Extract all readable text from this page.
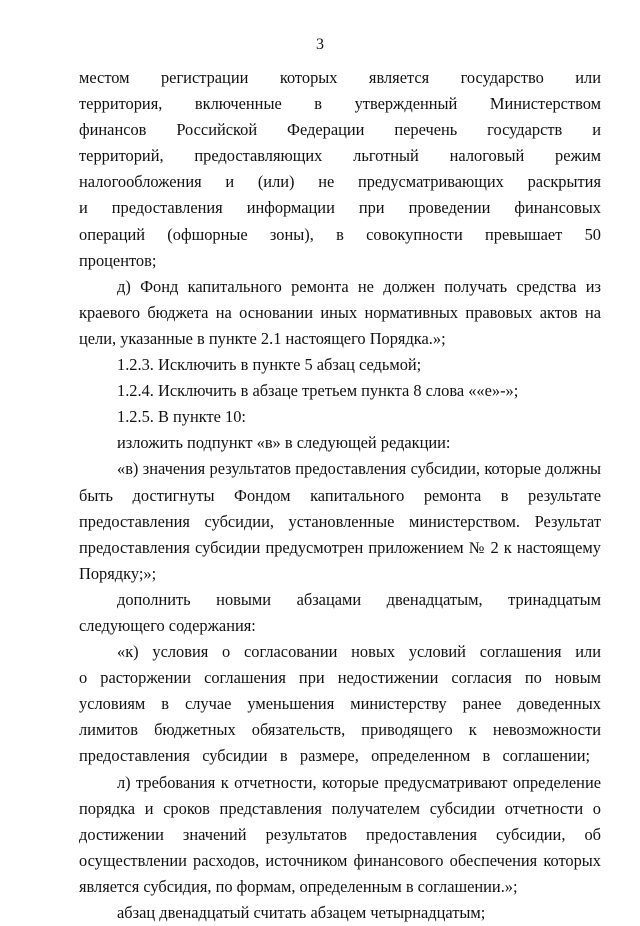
3

местом регистрации которых является государство или территория, включенные в утвержденный Министерством финансов Российской Федерации перечень государств и территорий, предоставляющих льготный налоговый режим налогообложения и (или) не предусматривающих раскрытия и предоставления информации при проведении финансовых операций (офшорные зоны), в совокупности превышает 50 процентов;

д) Фонд капитального ремонта не должен получать средства из краевого бюджета на основании иных нормативных правовых актов на цели, указанные в пункте 2.1 настоящего Порядка.»;

1.2.3. Исключить в пункте 5 абзац седьмой;

1.2.4. Исключить в абзаце третьем пункта 8 слова ««е»-»;

1.2.5. В пункте 10:

изложить подпункт «в» в следующей редакции:

«в) значения результатов предоставления субсидии, которые должны быть достигнуты Фондом капитального ремонта в результате предоставления субсидии, установленные министерством. Результат предоставления субсидии предусмотрен приложением № 2 к настоящему Порядку;»;

дополнить новыми абзацами двенадцатым, тринадцатым следующего содержания:

«к) условия о согласовании новых условий соглашения или о расторжении соглашения при недостижении согласия по новым условиям в случае уменьшения министерству ранее доведенных лимитов бюджетных обязательств, приводящего к невозможности предоставления субсидии в размере, определенном в соглашении;

л) требования к отчетности, которые предусматривают определение порядка и сроков представления получателем субсидии отчетности о достижении значений результатов предоставления субсидии, об осуществлении расходов, источником финансового обеспечения которых является субсидия, по формам, определенным в соглашении.»;

абзац двенадцатый считать абзацем четырнадцатым;
